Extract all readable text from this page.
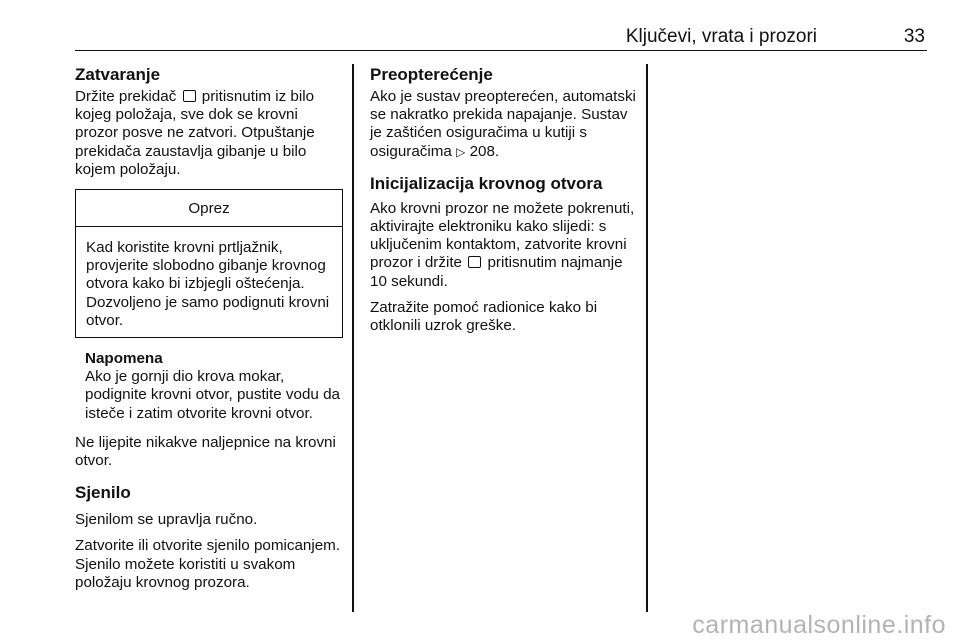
Ključevi, vrata i prozori	33
Zatvaranje

Držite prekidač pritisnutim iz bilo kojeg položaja, sve dok se krovni prozor posve ne zatvori. Otpuštanje prekidača zaustavlja gibanje u bilo kojem položaju.

Oprez

Kad koristite krovni prtljažnik, provjerite slobodno gibanje krovnog otvora kako bi izbjegli oštećenja. Dozvoljeno je samo podignuti krovni otvor.

Napomena

Ako je gornji dio krova mokar, podignite krovni otvor, pustite vodu da isteče i zatim otvorite krovni otvor.

Ne lijepite nikakve naljepnice na krovni otvor.

Sjenilo

Sjenilom se upravlja ručno.

Zatvorite ili otvorite sjenilo pomicanjem. Sjenilo možete koristiti u svakom položaju krovnog prozora.

Preopterećenje

Ako je sustav preopterećen, automatski se nakratko prekida napajanje. Sustav je zaštićen osiguračima u kutiji s osiguračima ▷ 208.

Inicijalizacija krovnog otvora

Ako krovni prozor ne možete pokrenuti, aktivirajte elektroniku kako slijedi: s uključenim kontaktom, zatvorite krovni prozor i držite pritisnutim najmanje 10 sekundi.

Zatražite pomoć radionice kako bi otklonili uzrok greške.

carmanualsonline.info
